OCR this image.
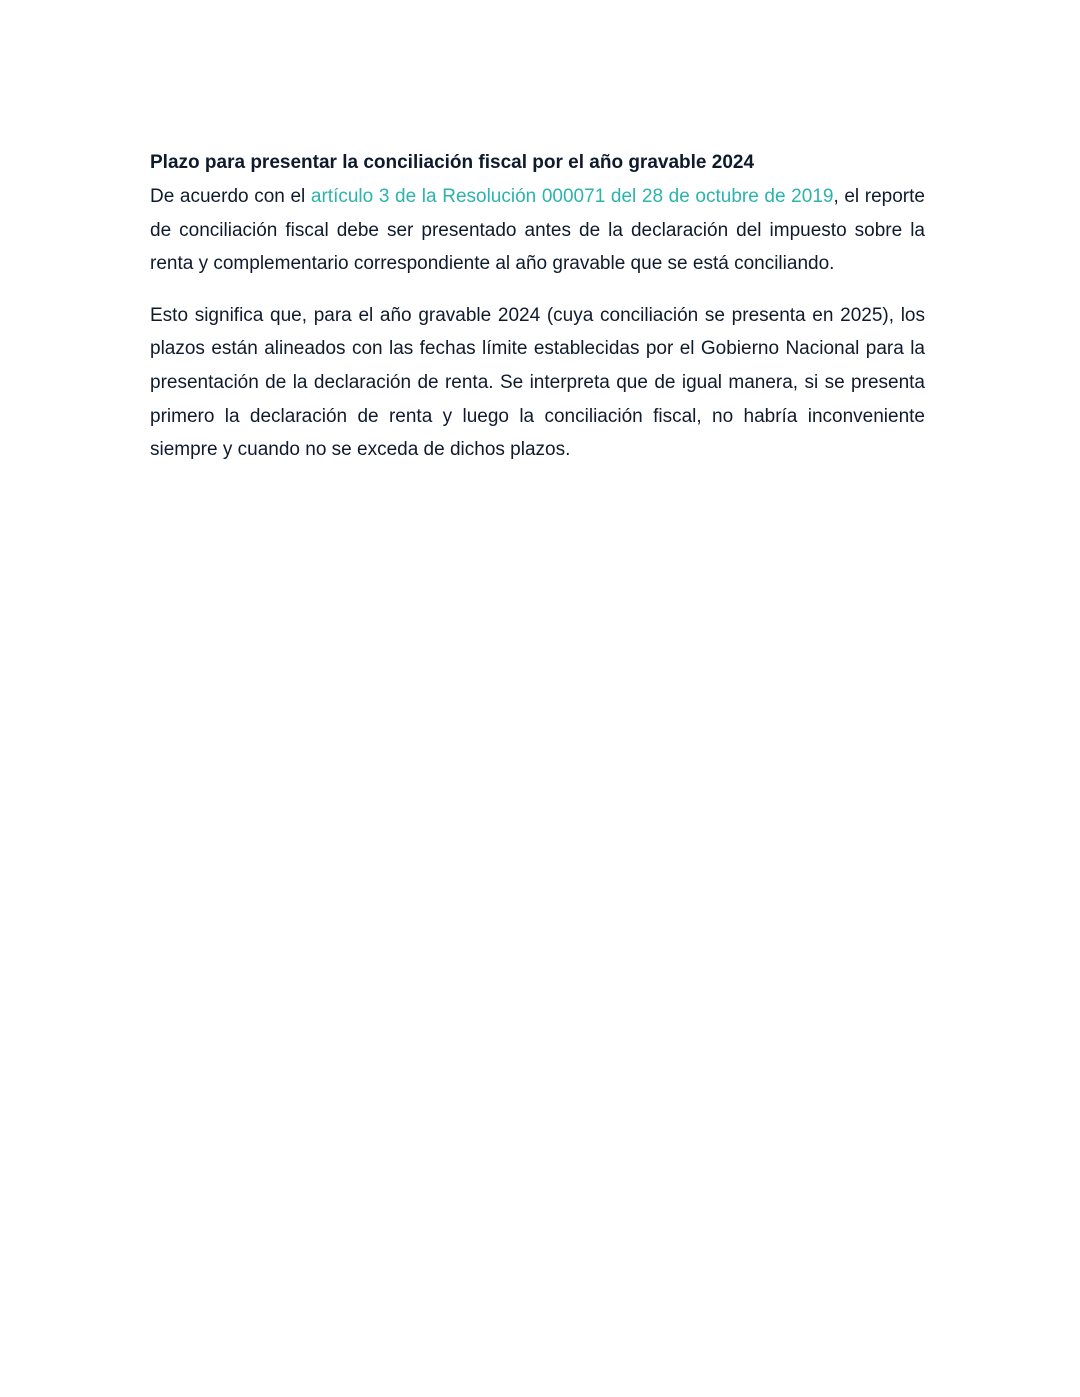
Plazo para presentar la conciliación fiscal por el año gravable 2024

De acuerdo con el artículo 3 de la Resolución 000071 del 28 de octubre de 2019, el reporte de conciliación fiscal debe ser presentado antes de la declaración del impuesto sobre la renta y complementario correspondiente al año gravable que se está conciliando.

Esto significa que, para el año gravable 2024 (cuya conciliación se presenta en 2025), los plazos están alineados con las fechas límite establecidas por el Gobierno Nacional para la presentación de la declaración de renta. Se interpreta que de igual manera, si se presenta primero la declaración de renta y luego la conciliación fiscal, no habría inconveniente siempre y cuando no se exceda de dichos plazos.
